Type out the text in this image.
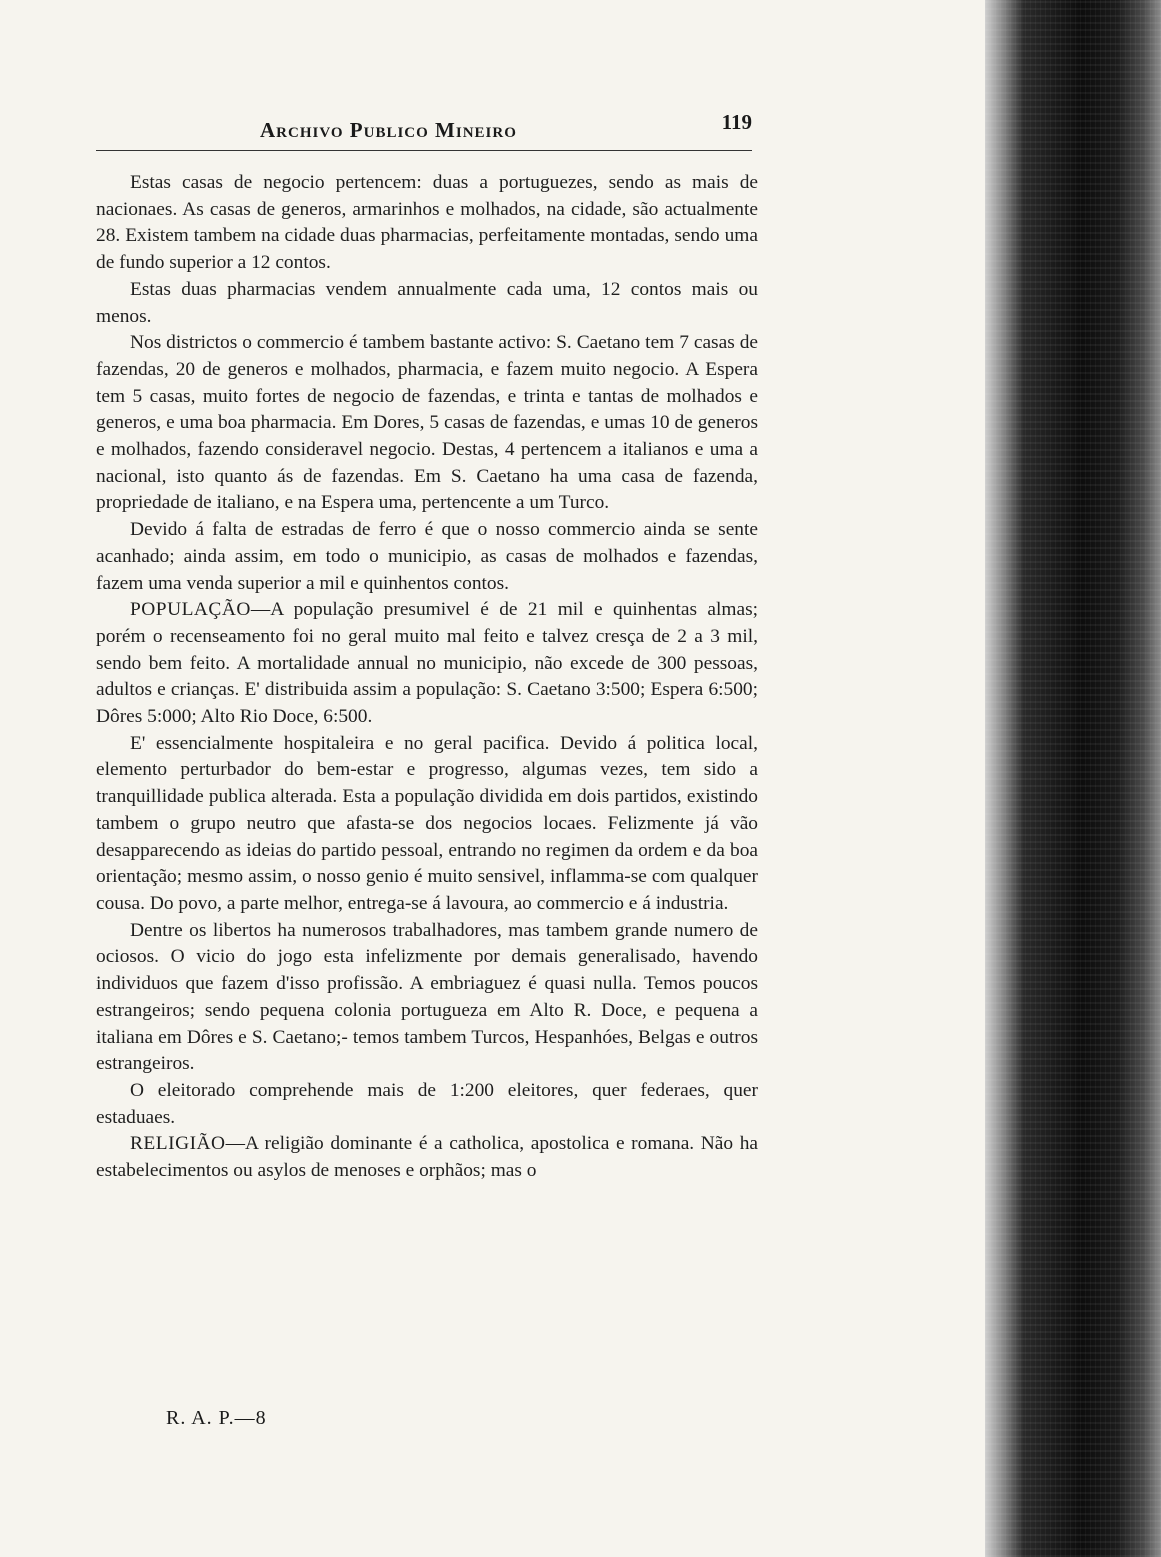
Archivo Publico Mineiro	119

Estas casas de negocio pertencem: duas a portuguezes, sendo as mais de nacionaes. As casas de generos, armarinhos e molhados, na cidade, são actualmente 28. Existem tambem na cidade duas pharmacias, perfeitamente montadas, sendo uma de fundo superior a 12 contos.

Estas duas pharmacias vendem annualmente cada uma, 12 contos mais ou menos.

Nos districtos o commercio é tambem bastante activo: S. Caetano tem 7 casas de fazendas, 20 de generos e molhados, pharmacia, e fazem muito negocio. A Espera tem 5 casas, muito fortes de negocio de fazendas, e trinta e tantas de molhados e generos, e uma boa pharmacia. Em Dores, 5 casas de fazendas, e umas 10 de generos e molhados, fazendo consideravel negocio. Destas, 4 pertencem a italianos e uma a nacional, isto quanto ás de fazendas. Em S. Caetano ha uma casa de fazenda, propriedade de italiano, e na Espera uma, pertencente a um Turco.

Devido á falta de estradas de ferro é que o nosso commercio ainda se sente acanhado; ainda assim, em todo o municipio, as casas de molhados e fazendas, fazem uma venda superior a mil e quinhentos contos.

POPULAÇÃO—A população presumivel é de 21 mil e quinhentas almas; porém o recenseamento foi no geral muito mal feito e talvez cresça de 2 a 3 mil, sendo bem feito. A mortalidade annual no municipio, não excede de 300 pessoas, adultos e crianças. E' distribuida assim a população: S. Caetano 3:500; Espera 6:500; Dôres 5:000; Alto Rio Doce, 6:500.

E' essencialmente hospitaleira e no geral pacifica. Devido á politica local, elemento perturbador do bem-estar e progresso, algumas vezes, tem sido a tranquillidade publica alterada. Esta a população dividida em dois partidos, existindo tambem o grupo neutro que afasta-se dos negocios locaes. Felizmente já vão desapparecendo as ideias do partido pessoal, entrando no regimen da ordem e da boa orientação; mesmo assim, o nosso genio é muito sensivel, inflamma-se com qualquer cousa. Do povo, a parte melhor, entrega-se á lavoura, ao commercio e á industria.

Dentre os libertos ha numerosos trabalhadores, mas tambem grande numero de ociosos. O vicio do jogo esta infelizmente por demais generalisado, havendo individuos que fazem d'isso profissão. A embriaguez é quasi nulla. Temos poucos estrangeiros; sendo pequena colonia portugueza em Alto R. Doce, e pequena a italiana em Dôres e S. Caetano;- temos tambem Turcos, Hespanhóes, Belgas e outros estrangeiros.

O eleitorado comprehende mais de 1:200 eleitores, quer federaes, quer estaduaes.

RELIGIÃO—A religião dominante é a catholica, apostolica e romana. Não ha estabelecimentos ou asylos de menoses e orphãos; mas o

R. A. P.—8
